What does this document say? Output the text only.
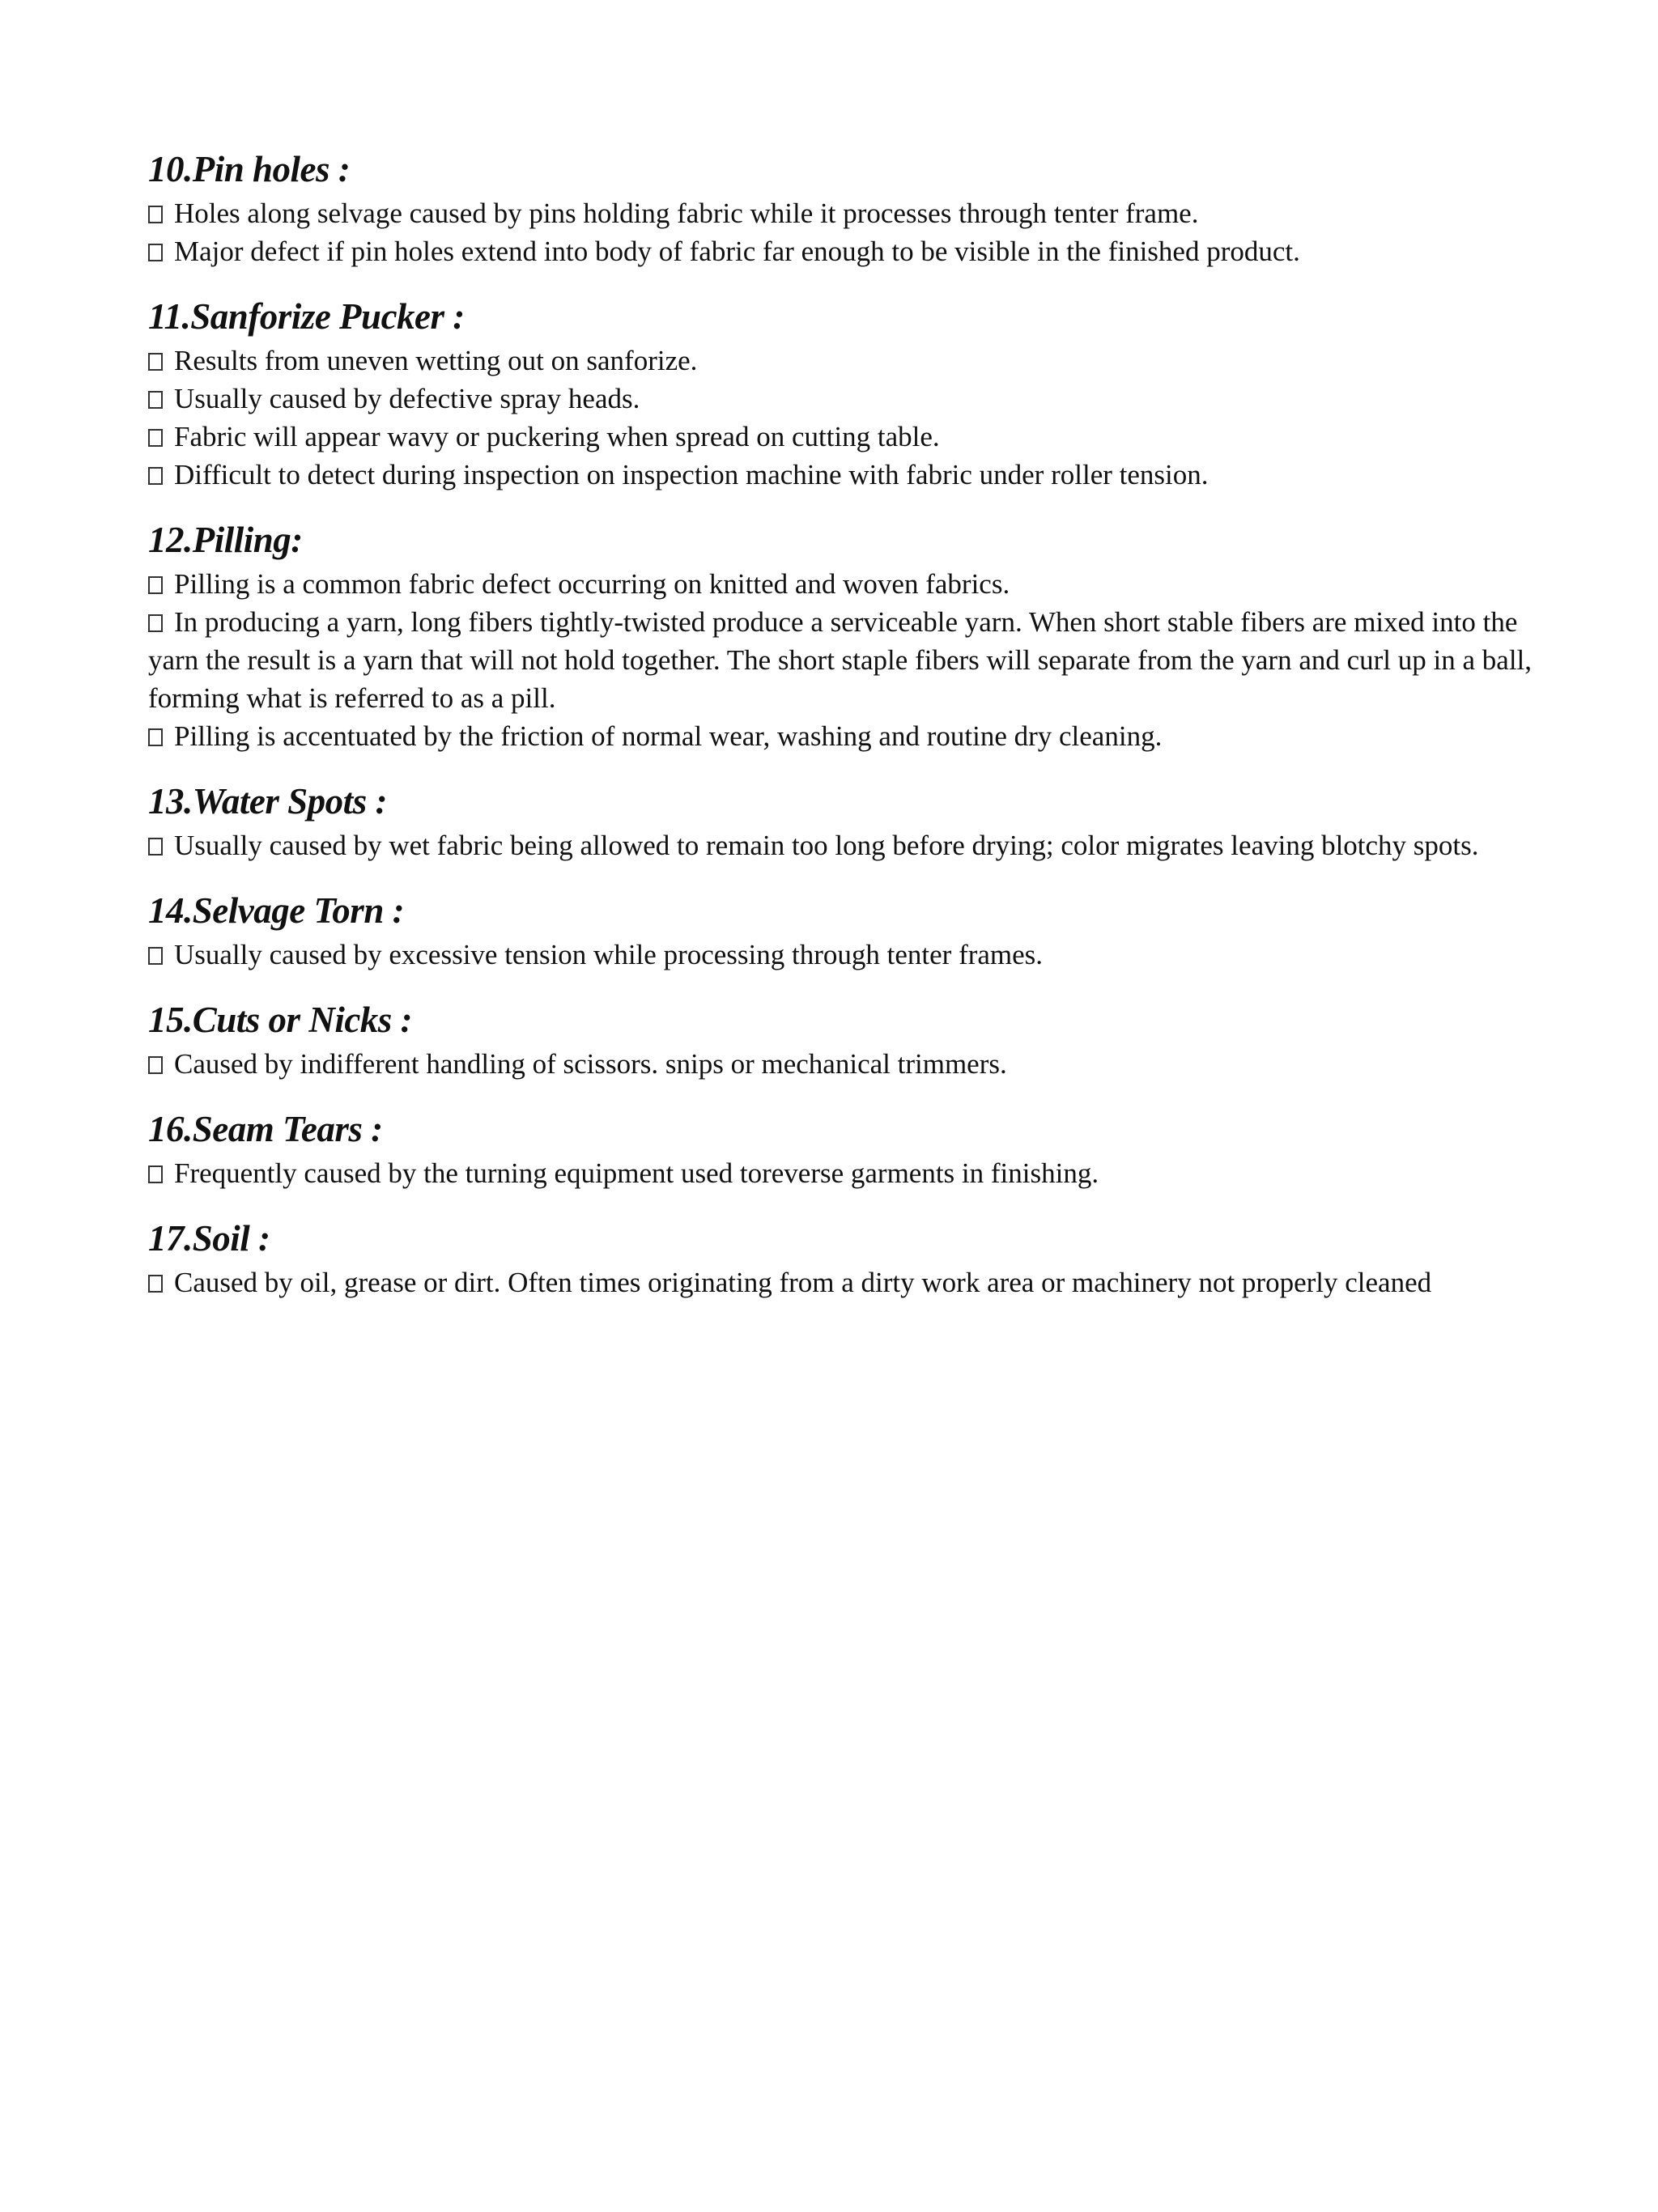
10.Pin holes :

Holes along selvage caused by pins holding fabric while it processes through tenter frame.

Major defect if pin holes extend into body of fabric far enough to be visible in the finished product.

11.Sanforize Pucker :

Results from uneven wetting out on sanforize.

Usually caused by defective spray heads.

Fabric will appear wavy or puckering when spread on cutting table.

Difficult to detect during inspection on inspection machine with fabric under roller tension.

12.Pilling:

Pilling is a common fabric defect occurring on knitted and woven fabrics.

In producing a yarn, long fibers tightly-twisted produce a serviceable yarn. When short stable fibers are mixed into the yarn the result is a yarn that will not hold together. The short staple fibers will separate from the yarn and curl up in a ball, forming what is referred to as a pill.

Pilling is accentuated by the friction of normal wear, washing and routine dry cleaning.

13.Water Spots :

Usually caused by wet fabric being allowed to remain too long before drying; color migrates leaving blotchy spots.

14.Selvage Torn :

Usually caused by excessive tension while processing through tenter frames.

15.Cuts or Nicks :

Caused by indifferent handling of scissors. snips or mechanical trimmers.

16.Seam Tears :

Frequently caused by the turning equipment used toreverse garments in finishing.

17.Soil :

Caused by oil, grease or dirt. Often times originating from a dirty work area or machinery not properly cleaned
